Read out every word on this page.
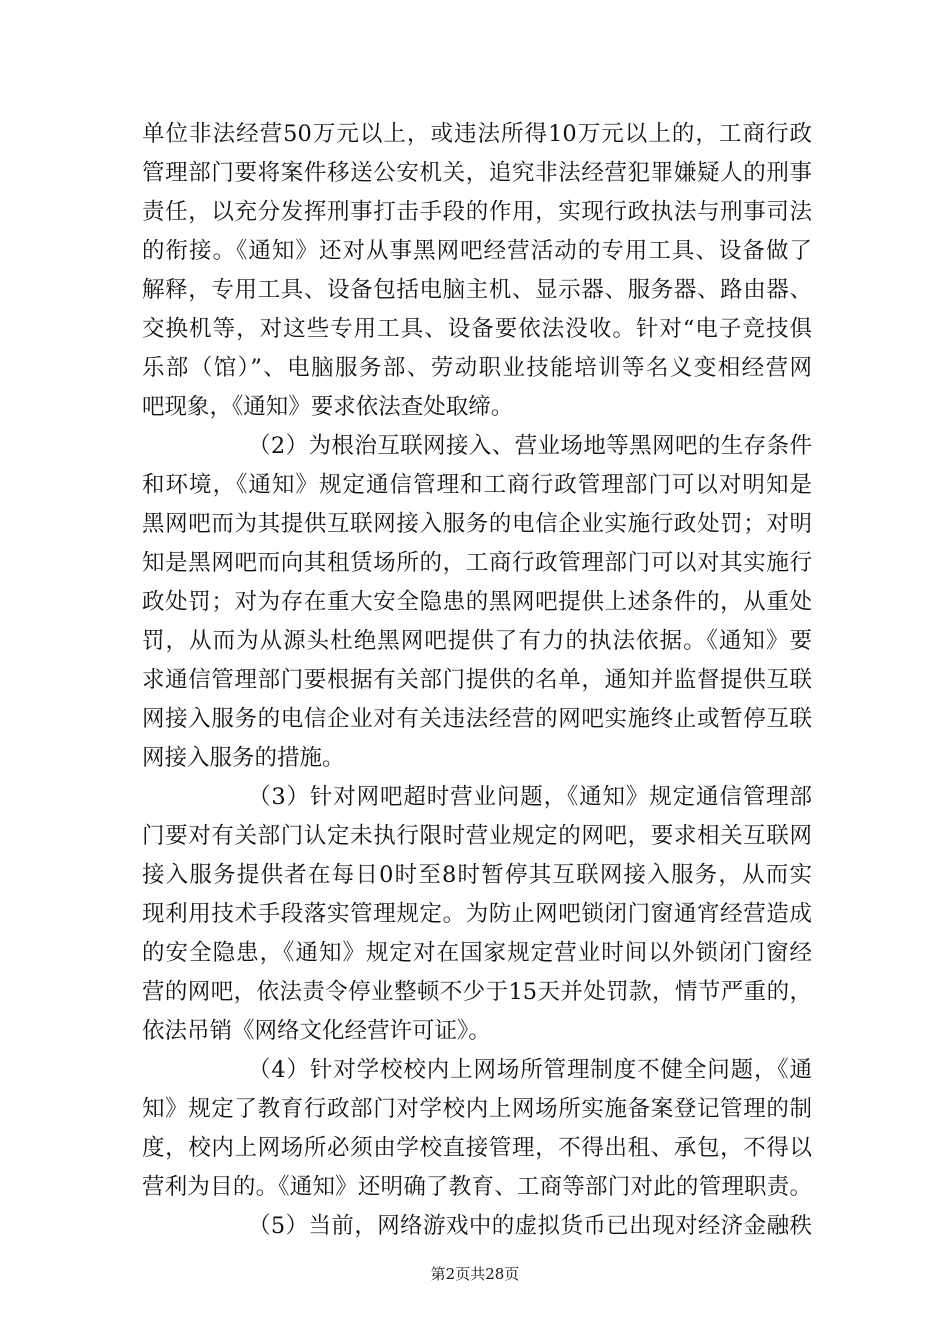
单位非法经营50万元以上，或违法所得10万元以上的，工商行政
管理部门要将案件移送公安机关，追究非法经营犯罪嫌疑人的刑事
责任，以充分发挥刑事打击手段的作用，实现行政执法与刑事司法
的衔接。《通知》还对从事黑网吧经营活动的专用工具、设备做了
解释，专用工具、设备包括电脑主机、显示器、服务器、路由器、
交换机等，对这些专用工具、设备要依法没收。针对“电子竞技俱
乐部（馆）”、电脑服务部、劳动职业技能培训等名义变相经营网
吧现象，《通知》要求依法查处取缔。
（2）为根治互联网接入、营业场地等黑网吧的生存条件
和环境，《通知》规定通信管理和工商行政管理部门可以对明知是
黑网吧而为其提供互联网接入服务的电信企业实施行政处罚；对明
知是黑网吧而向其租赁场所的，工商行政管理部门可以对其实施行
政处罚；对为存在重大安全隐患的黑网吧提供上述条件的，从重处
罚，从而为从源头杜绝黑网吧提供了有力的执法依据。《通知》要
求通信管理部门要根据有关部门提供的名单，通知并监督提供互联
网接入服务的电信企业对有关违法经营的网吧实施终止或暂停互联
网接入服务的措施。
（3）针对网吧超时营业问题，《通知》规定通信管理部
门要对有关部门认定未执行限时营业规定的网吧，要求相关互联网
接入服务提供者在每日0时至8时暂停其互联网接入服务，从而实
现利用技术手段落实管理规定。为防止网吧锁闭门窗通宵经营造成
的安全隐患，《通知》规定对在国家规定营业时间以外锁闭门窗经
营的网吧，依法责令停业整顿不少于15天并处罚款，情节严重的，
依法吊销《网络文化经营许可证》。
（4）针对学校校内上网场所管理制度不健全问题，《通
知》规定了教育行政部门对学校内上网场所实施备案登记管理的制
度，校内上网场所必须由学校直接管理，不得出租、承包，不得以
营利为目的。《通知》还明确了教育、工商等部门对此的管理职责。
（5）当前，网络游戏中的虚拟货币已出现对经济金融秩
第2页共28页
